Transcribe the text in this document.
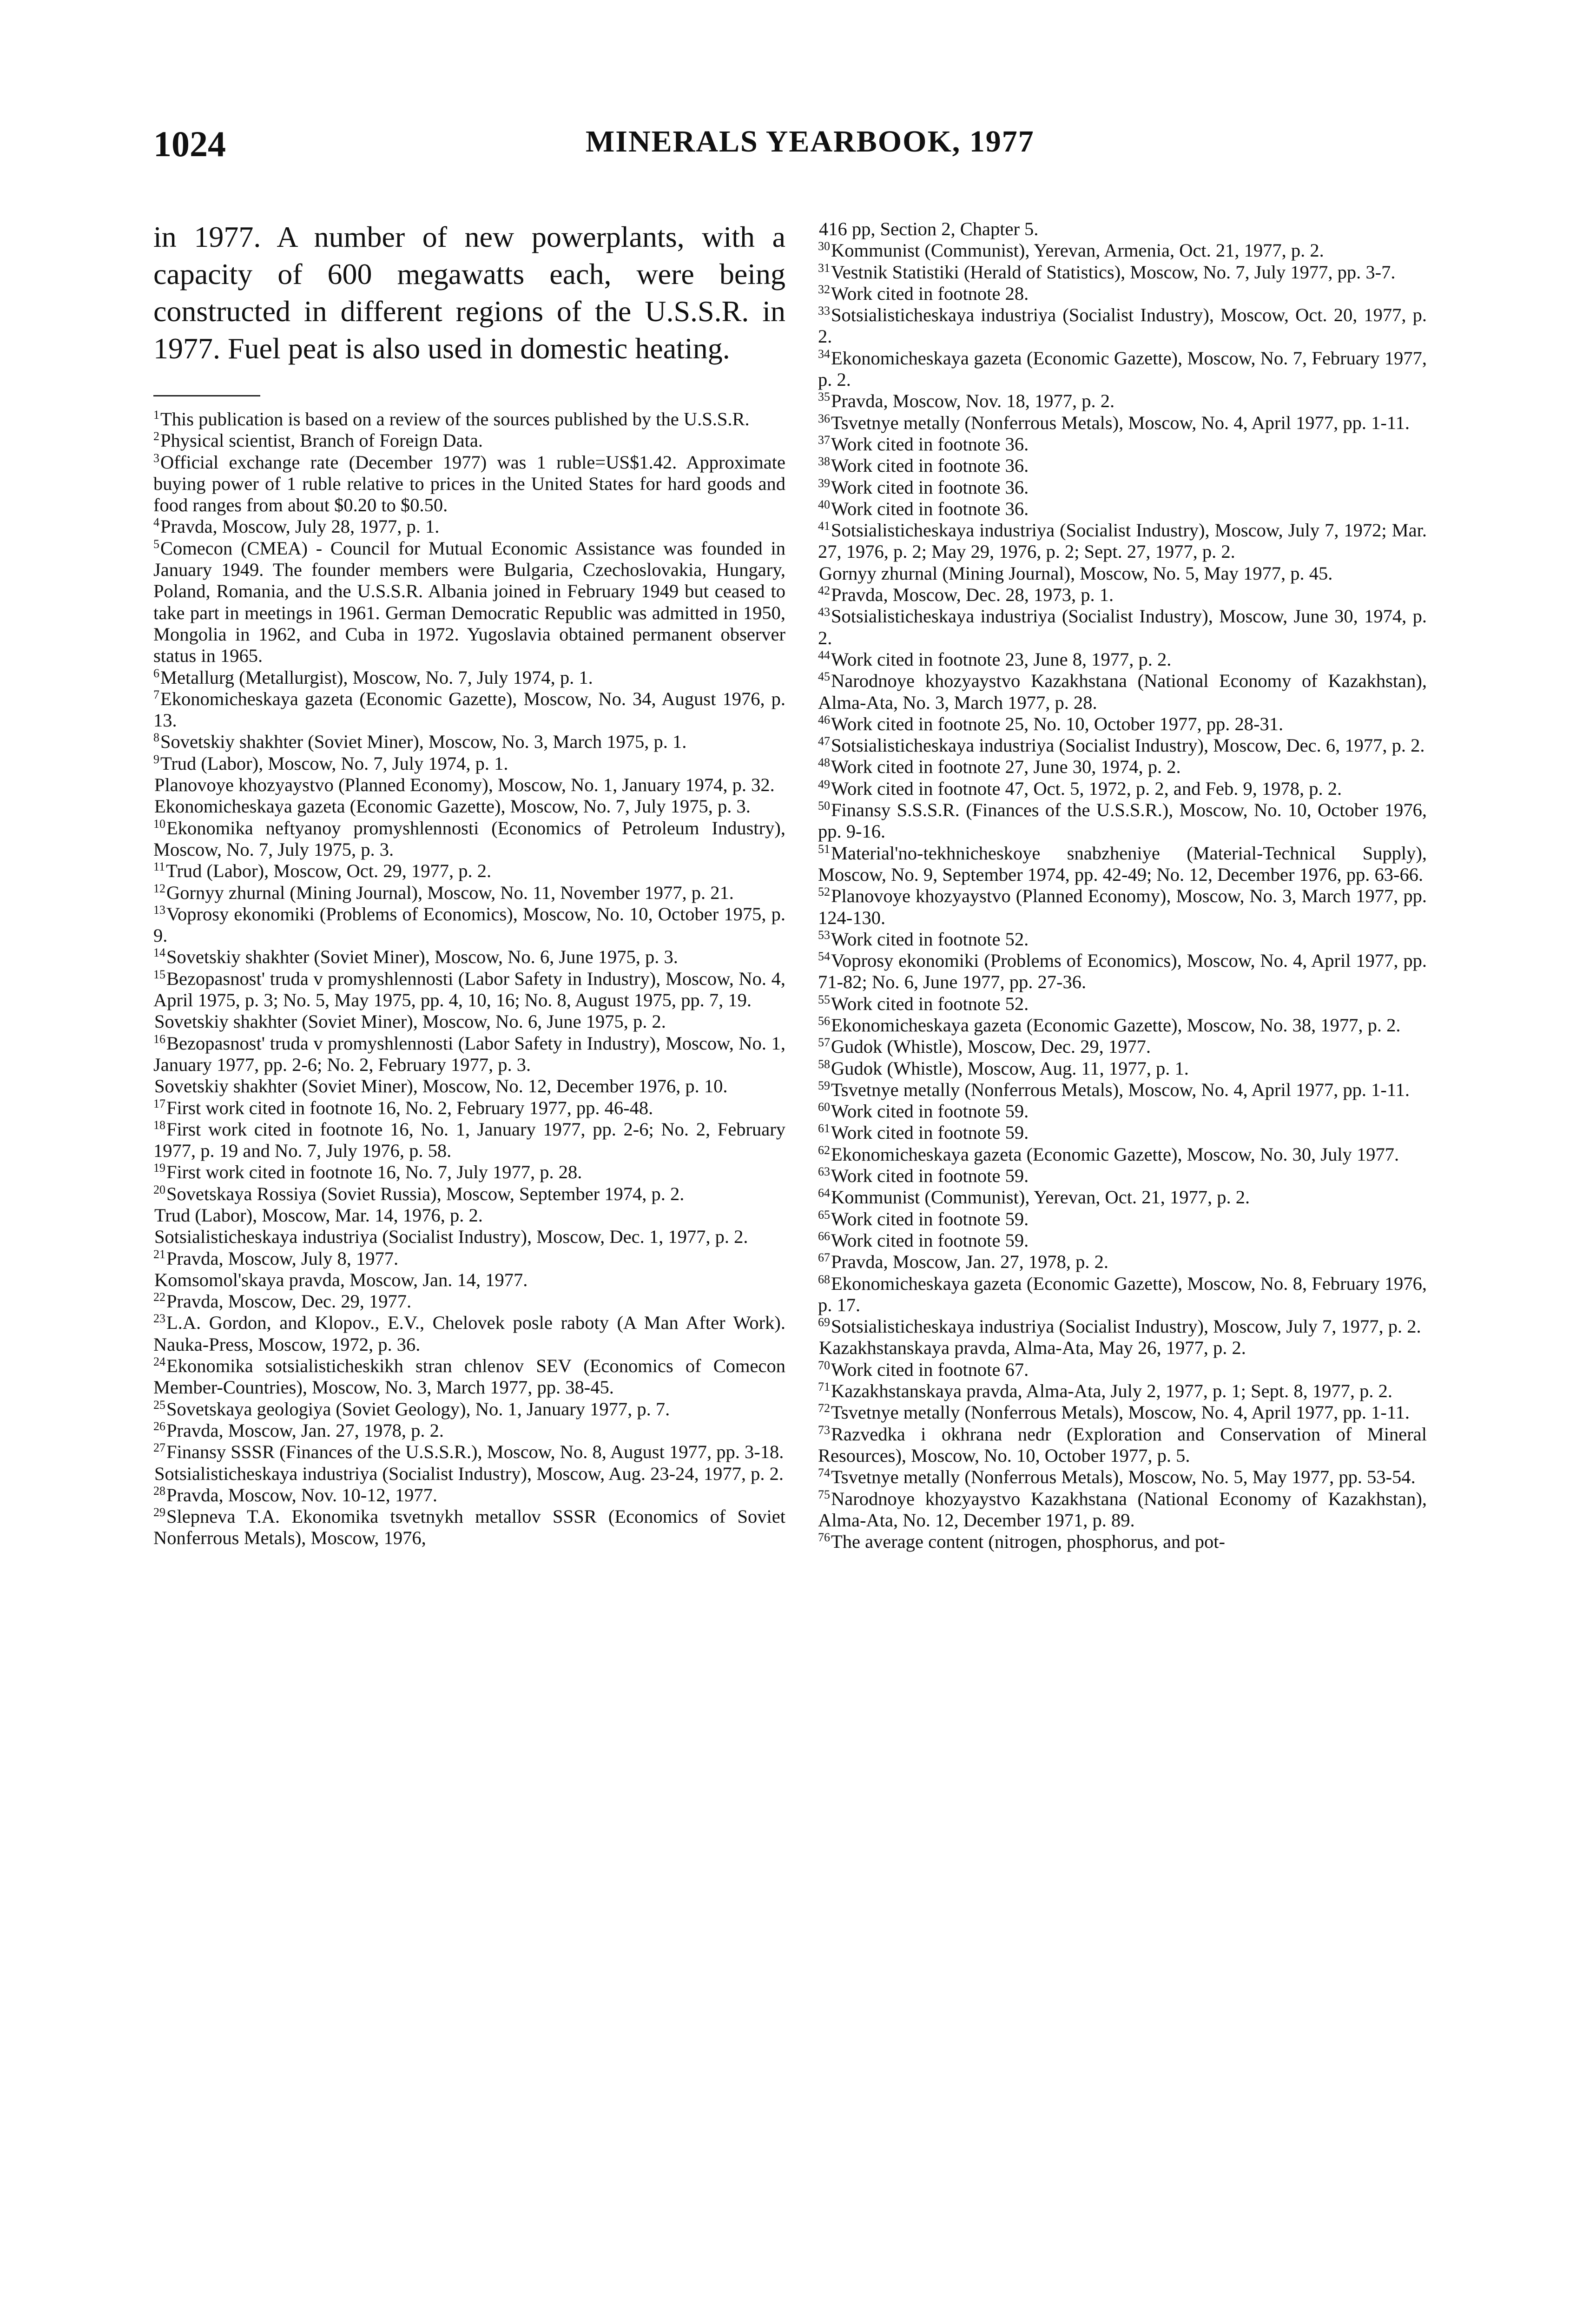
1024	MINERALS YEARBOOK, 1977

in 1977. A number of new powerplants, with a capacity of 600 megawatts each, were being constructed in different regions of the U.S.S.R. in 1977. Fuel peat is also used in domestic heating.

$^1$This publication is based on a review of the sources published by the U.S.S.R.
$^2$Physical scientist, Branch of Foreign Data.
$^3$Official exchange rate (December 1977) was 1 ruble=US$1.42. Approximate buying power of 1 ruble relative to prices in the United States for hard goods and food ranges from about $0.20 to $0.50.
$^4$Pravda, Moscow, July 28, 1977, p. 1.
$^5$Comecon (CMEA) - Council for Mutual Economic Assistance was founded in January 1949. The founder members were Bulgaria, Czechoslovakia, Hungary, Poland, Romania, and the U.S.S.R. Albania joined in February 1949 but ceased to take part in meetings in 1961. German Democratic Republic was admitted in 1950, Mongolia in 1962, and Cuba in 1972. Yugoslavia obtained permanent observer status in 1965.
$^6$Metallurg (Metallurgist), Moscow, No. 7, July 1974, p. 1.
$^7$Ekonomicheskaya gazeta (Economic Gazette), Moscow, No. 34, August 1976, p. 13.
$^8$Sovetskiy shakhter (Soviet Miner), Moscow, No. 3, March 1975, p. 1.
$^9$Trud (Labor), Moscow, No. 7, July 1974, p. 1.
Planovoye khozyaystvo (Planned Economy), Moscow, No. 1, January 1974, p. 32.
Ekonomicheskaya gazeta (Economic Gazette), Moscow, No. 7, July 1975, p. 3.
$^{10}$Ekonomika neftyanoy promyshlennosti (Economics of Petroleum Industry), Moscow, No. 7, July 1975, p. 3.
$^{11}$Trud (Labor), Moscow, Oct. 29, 1977, p. 2.
$^{12}$Gornyy zhurnal (Mining Journal), Moscow, No. 11, November 1977, p. 21.
$^{13}$Voprosy ekonomiki (Problems of Economics), Moscow, No. 10, October 1975, p. 9.
$^{14}$Sovetskiy shakhter (Soviet Miner), Moscow, No. 6, June 1975, p. 3.
$^{15}$Bezopasnost' truda v promyshlennosti (Labor Safety in Industry), Moscow, No. 4, April 1975, p. 3; No. 5, May 1975, pp. 4, 10, 16; No. 8, August 1975, pp. 7, 19.
Sovetskiy shakhter (Soviet Miner), Moscow, No. 6, June 1975, p. 2.
$^{16}$Bezopasnost' truda v promyshlennosti (Labor Safety in Industry), Moscow, No. 1, January 1977, pp. 2-6; No. 2, February 1977, p. 3.
Sovetskiy shakhter (Soviet Miner), Moscow, No. 12, December 1976, p. 10.
$^{17}$First work cited in footnote 16, No. 2, February 1977, pp. 46-48.
$^{18}$First work cited in footnote 16, No. 1, January 1977, pp. 2-6; No. 2, February 1977, p. 19 and No. 7, July 1976, p. 58.
$^{19}$First work cited in footnote 16, No. 7, July 1977, p. 28.
$^{20}$Sovetskaya Rossiya (Soviet Russia), Moscow, September 1974, p. 2.
Trud (Labor), Moscow, Mar. 14, 1976, p. 2.
Sotsialisticheskaya industriya (Socialist Industry), Moscow, Dec. 1, 1977, p. 2.
$^{21}$Pravda, Moscow, July 8, 1977.
Komsomol'skaya pravda, Moscow, Jan. 14, 1977.
$^{22}$Pravda, Moscow, Dec. 29, 1977.
$^{23}$L.A. Gordon, and Klopov., E.V., Chelovek posle raboty (A Man After Work). Nauka-Press, Moscow, 1972, p. 36.
$^{24}$Ekonomika sotsialisticheskikh stran chlenov SEV (Economics of Comecon Member-Countries), Moscow, No. 3, March 1977, pp. 38-45.
$^{25}$Sovetskaya geologiya (Soviet Geology), No. 1, January 1977, p. 7.
$^{26}$Pravda, Moscow, Jan. 27, 1978, p. 2.
$^{27}$Finansy SSSR (Finances of the U.S.S.R.), Moscow, No. 8, August 1977, pp. 3-18.
Sotsialisticheskaya industriya (Socialist Industry), Moscow, Aug. 23-24, 1977, p. 2.
$^{28}$Pravda, Moscow, Nov. 10-12, 1977.
$^{29}$Slepneva T.A. Ekonomika tsvetnykh metallov SSSR (Economics of Soviet Nonferrous Metals), Moscow, 1976,
416 pp, Section 2, Chapter 5.
$^{30}$Kommunist (Communist), Yerevan, Armenia, Oct. 21, 1977, p. 2.
$^{31}$Vestnik Statistiki (Herald of Statistics), Moscow, No. 7, July 1977, pp. 3-7.
$^{32}$Work cited in footnote 28.
$^{33}$Sotsialisticheskaya industriya (Socialist Industry), Moscow, Oct. 20, 1977, p. 2.
$^{34}$Ekonomicheskaya gazeta (Economic Gazette), Moscow, No. 7, February 1977, p. 2.
$^{35}$Pravda, Moscow, Nov. 18, 1977, p. 2.
$^{36}$Tsvetnye metally (Nonferrous Metals), Moscow, No. 4, April 1977, pp. 1-11.
$^{37}$Work cited in footnote 36.
$^{38}$Work cited in footnote 36.
$^{39}$Work cited in footnote 36.
$^{40}$Work cited in footnote 36.
$^{41}$Sotsialisticheskaya industriya (Socialist Industry), Moscow, July 7, 1972; Mar. 27, 1976, p. 2; May 29, 1976, p. 2; Sept. 27, 1977, p. 2.
Gornyy zhurnal (Mining Journal), Moscow, No. 5, May 1977, p. 45.
$^{42}$Pravda, Moscow, Dec. 28, 1973, p. 1.
$^{43}$Sotsialisticheskaya industriya (Socialist Industry), Moscow, June 30, 1974, p. 2.
$^{44}$Work cited in footnote 23, June 8, 1977, p. 2.
$^{45}$Narodnoye khozyaystvo Kazakhstana (National Economy of Kazakhstan), Alma-Ata, No. 3, March 1977, p. 28.
$^{46}$Work cited in footnote 25, No. 10, October 1977, pp. 28-31.
$^{47}$Sotsialisticheskaya industriya (Socialist Industry), Moscow, Dec. 6, 1977, p. 2.
$^{48}$Work cited in footnote 27, June 30, 1974, p. 2.
$^{49}$Work cited in footnote 47, Oct. 5, 1972, p. 2, and Feb. 9, 1978, p. 2.
$^{50}$Finansy S.S.S.R. (Finances of the U.S.S.R.), Moscow, No. 10, October 1976, pp. 9-16.
$^{51}$Material'no-tekhnicheskoye snabzheniye (Material-Technical Supply), Moscow, No. 9, September 1974, pp. 42-49; No. 12, December 1976, pp. 63-66.
$^{52}$Planovoye khozyaystvo (Planned Economy), Moscow, No. 3, March 1977, pp. 124-130.
$^{53}$Work cited in footnote 52.
$^{54}$Voprosy ekonomiki (Problems of Economics), Moscow, No. 4, April 1977, pp. 71-82; No. 6, June 1977, pp. 27-36.
$^{55}$Work cited in footnote 52.
$^{56}$Ekonomicheskaya gazeta (Economic Gazette), Moscow, No. 38, 1977, p. 2.
$^{57}$Gudok (Whistle), Moscow, Dec. 29, 1977.
$^{58}$Gudok (Whistle), Moscow, Aug. 11, 1977, p. 1.
$^{59}$Tsvetnye metally (Nonferrous Metals), Moscow, No. 4, April 1977, pp. 1-11.
$^{60}$Work cited in footnote 59.
$^{61}$Work cited in footnote 59.
$^{62}$Ekonomicheskaya gazeta (Economic Gazette), Moscow, No. 30, July 1977.
$^{63}$Work cited in footnote 59.
$^{64}$Kommunist (Communist), Yerevan, Oct. 21, 1977, p. 2.
$^{65}$Work cited in footnote 59.
$^{66}$Work cited in footnote 59.
$^{67}$Pravda, Moscow, Jan. 27, 1978, p. 2.
$^{68}$Ekonomicheskaya gazeta (Economic Gazette), Moscow, No. 8, February 1976, p. 17.
$^{69}$Sotsialisticheskaya industriya (Socialist Industry), Moscow, July 7, 1977, p. 2.
Kazakhstanskaya pravda, Alma-Ata, May 26, 1977, p. 2.
$^{70}$Work cited in footnote 67.
$^{71}$Kazakhstanskaya pravda, Alma-Ata, July 2, 1977, p. 1; Sept. 8, 1977, p. 2.
$^{72}$Tsvetnye metally (Nonferrous Metals), Moscow, No. 4, April 1977, pp. 1-11.
$^{73}$Razvedka i okhrana nedr (Exploration and Conservation of Mineral Resources), Moscow, No. 10, October 1977, p. 5.
$^{74}$Tsvetnye metally (Nonferrous Metals), Moscow, No. 5, May 1977, pp. 53-54.
$^{75}$Narodnoye khozyaystvo Kazakhstana (National Economy of Kazakhstan), Alma-Ata, No. 12, December 1971, p. 89.
$^{76}$The average content (nitrogen, phosphorus, and pot-
